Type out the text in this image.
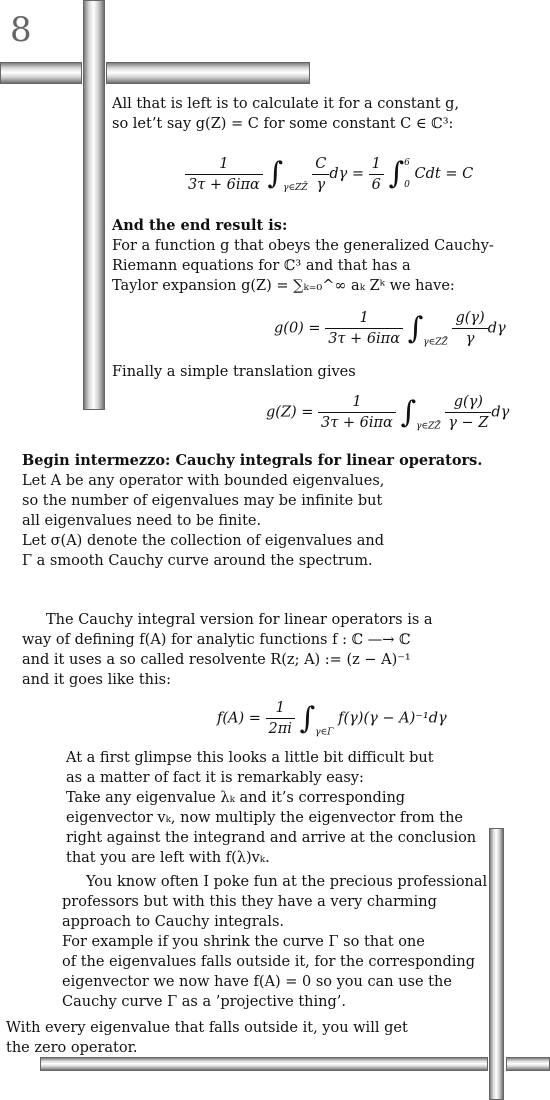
8
All that is left is to calculate it for a constant g,
so let’t say g(Z) = C for some constant C ∈ ℂ³:
$\frac{1}{\text{3τ + 6iπα}} \int_{\gamma\in ZZ̄} \frac{C}{\gamma}$ $d\gamma = \frac{1}{6}$ ∫ 6
0
Cdt = C
And the end result is:
For a function g that obeys the generalized Cauchy-
Riemann equations for ℂ³ and that has a
Taylor expansion g(Z) = ∑ₖ₌₀^∞ aₖ Zᵏ we have:
$g(0) = \frac{1}{\text{3τ + 6iπα}} \int_{\gamma\in ZZ̄} \frac{g(\gamma)}{\gamma}$ dγ
Finally a simple translation gives
$g(Z) = \frac{1}{\text{3τ + 6iπα}} \int_{\gamma\in ZZ̄} \frac{g(\gamma)}{\gamma - Z}$ dγ
Begin intermezzo: Cauchy integrals for linear operators.
Let A be any operator with bounded eigenvalues,
so the number of eigenvalues may be infinite but
all eigenvalues need to be finite.
Let σ(A) denote the collection of eigenvalues and
Γ a smooth Cauchy curve around the spectrum.
The Cauchy integral version for linear operators is a
way of defining f(A) for analytic functions f : ℂ —→ ℂ
and it uses a so called resolvente R(z; A) := (z − A)⁻¹
and it goes like this:
$f(A) = \frac{1}{2\pi i} \int_{\gamma\in\Gamma}$ f(γ)(γ − A)⁻¹dγ
At a first glimpse this looks a little bit difficult but
as a matter of fact it is remarkably easy:
Take any eigenvalue λₖ and it’s corresponding
eigenvector vₖ, now multiply the eigenvector from the
right against the integrand and arrive at the conclusion
that you are left with f(λ)vₖ.
You know often I poke fun at the precious professional
professors but with this they have a very charming
approach to Cauchy integrals.
For example if you shrink the curve Γ so that one
of the eigenvalues falls outside it, for the corresponding
eigenvector we now have f(A) = 0 so you can use the
Cauchy curve Γ as a ’projective thing’.
With every eigenvalue that falls outside it, you will get
the zero operator.
